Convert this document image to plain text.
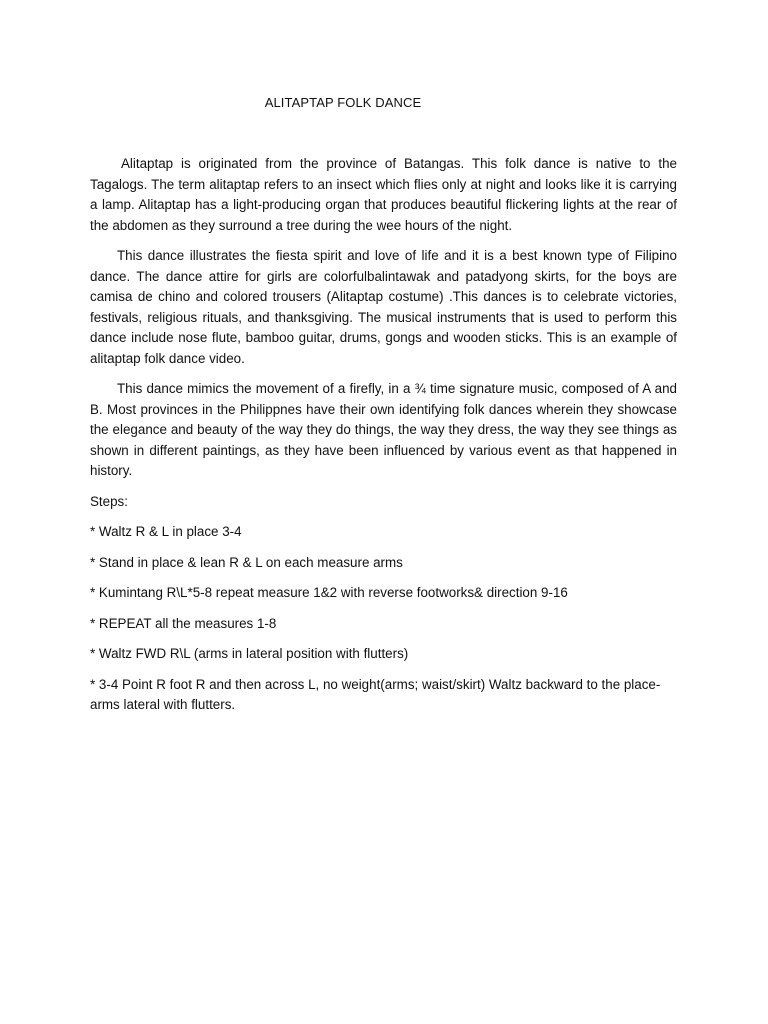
ALITAPTAP FOLK DANCE

Alitaptap is originated from the province of Batangas. This folk dance is native to the Tagalogs. The term alitaptap refers to an insect which flies only at night and looks like it is carrying a lamp. Alitaptap has a light-producing organ that produces beautiful flickering lights at the rear of the abdomen as they surround a tree during the wee hours of the night.

This dance illustrates the fiesta spirit and love of life and it is a best known type of Filipino dance. The dance attire for girls are colorfulbalintawak and patadyong skirts, for the boys are camisa de chino and colored trousers (Alitaptap costume) .This dances is to celebrate victories, festivals, religious rituals, and thanksgiving. The musical instruments that is used to perform this dance include nose flute, bamboo guitar, drums, gongs and wooden sticks. This is an example of alitaptap folk dance video.

This dance mimics the movement of a firefly, in a ¾ time signature music, composed of A and B. Most provinces in the Philippnes have their own identifying folk dances wherein they showcase the elegance and beauty of the way they do things, the way they dress, the way they see things as shown in different paintings, as they have been influenced by various event as that happened in history.

Steps:

* Waltz R & L in place 3-4

* Stand in place & lean R & L on each measure arms

* Kumintang R\L*5-8 repeat measure 1&2 with reverse footworks& direction 9-16

* REPEAT all the measures 1-8

* Waltz FWD R\L (arms in lateral position with flutters)

* 3-4 Point R foot R and then across L, no weight(arms; waist/skirt) Waltz backward to the place- arms lateral with flutters.
